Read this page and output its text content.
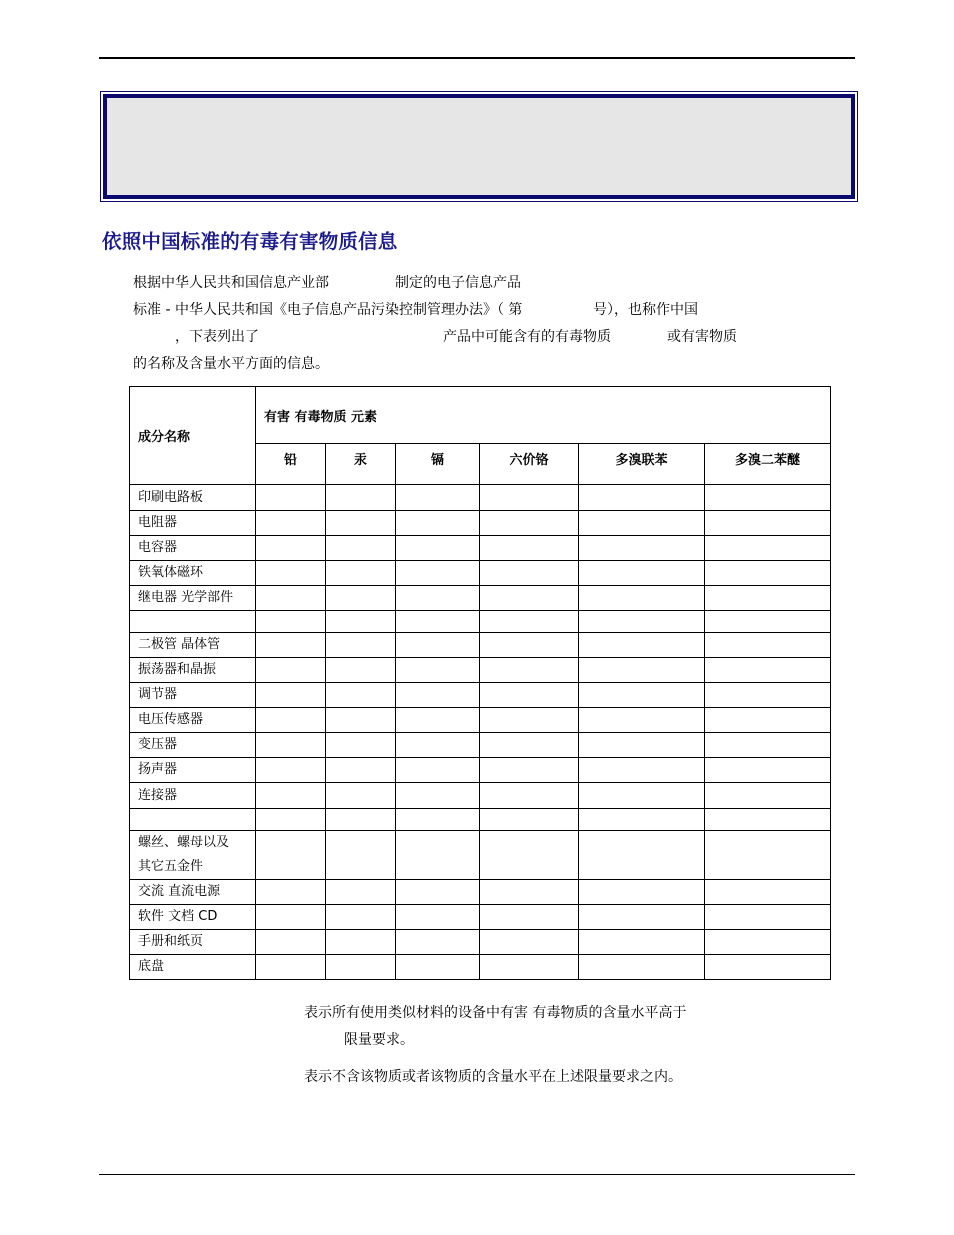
依照中国标准的有毒有害物质信息
根据中华人民共和国信息产业部	制定的电子信息产品
标准 - 中华人民共和国《电子信息产品污染控制管理办法》（ 第	号），也称作中国
，下表列出了	产品中可能含有的有毒物质	或有害物质
的名称及含量水平方面的信息。
成分名称	有害 有毒物质 元素					
	铅	汞	镉	六价铬	多溴联苯	多溴二苯醚

印刷电路板						

电阻器						

电容器						

铁氧体磁环						

继电器 光学部件						

二极管 晶体管						

振荡器和晶振						

调节器						

电压传感器						

变压器						

扬声器						

连接器						

螺丝、螺母以及
其它五金件						

交流 直流电源						

软件 文档 CD						

手册和纸页						

底盘						

表示所有使用类似材料的设备中有害 有毒物质的含量水平高于
限量要求。
表示不含该物质或者该物质的含量水平在上述限量要求之内。
